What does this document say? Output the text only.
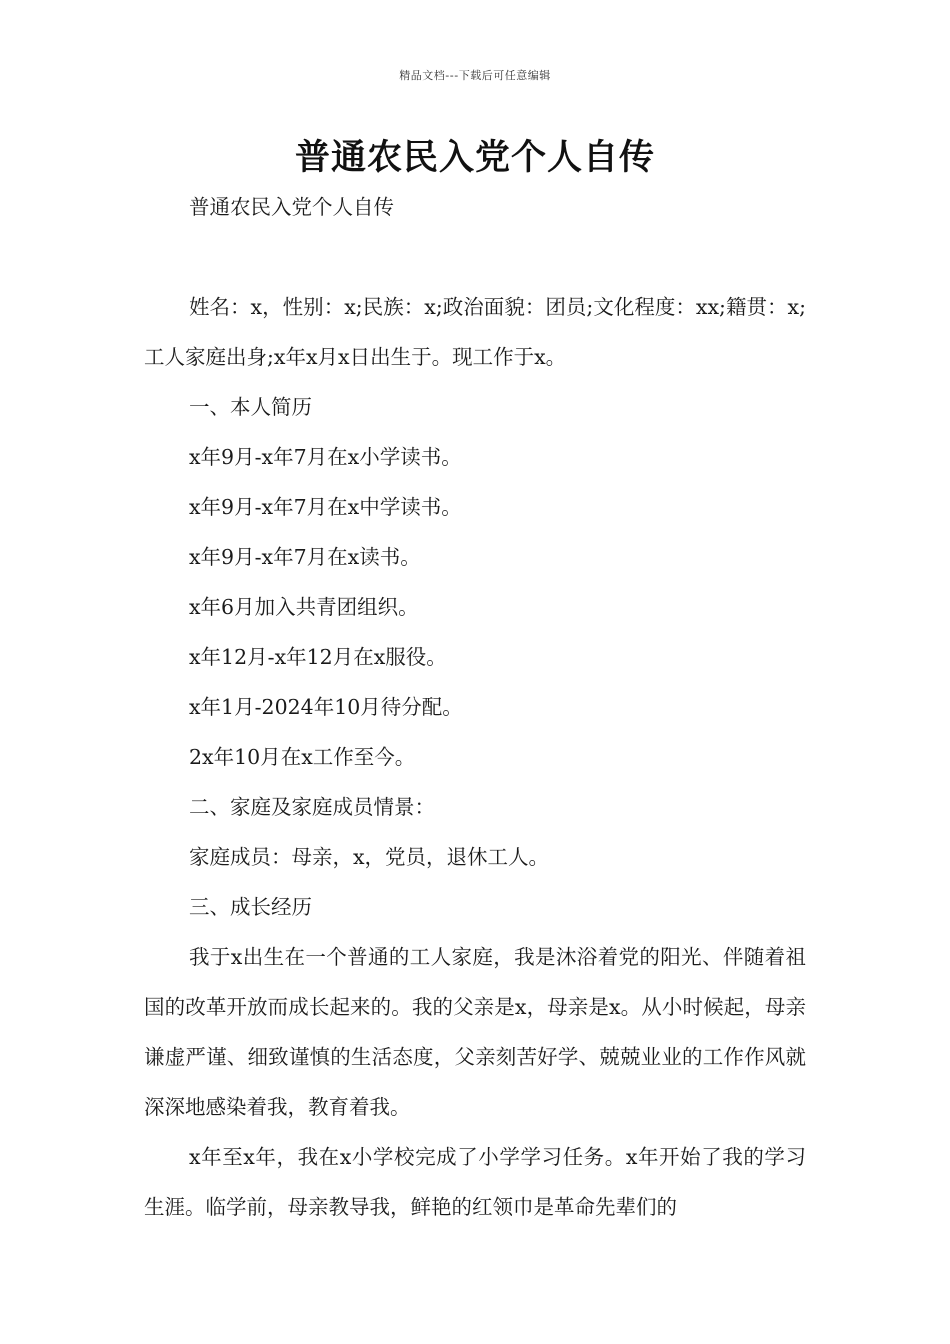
精品文档---下载后可任意编辑
普通农民入党个人自传

普通农民入党个人自传

姓名：x，性别：x;民族：x;政治面貌：团员;文化程度：xx;籍贯：x;工人家庭出身;x年x月x日出生于。现工作于x。

一、本人简历

x年9月-x年7月在x小学读书。

x年9月-x年7月在x中学读书。

x年9月-x年7月在x读书。

x年6月加入共青团组织。

x年12月-x年12月在x服役。

x年1月-2024年10月待分配。

2x年10月在x工作至今。

二、家庭及家庭成员情景：

家庭成员：母亲，x，党员，退休工人。

三、成长经历

我于x出生在一个普通的工人家庭，我是沐浴着党的阳光、伴随着祖国的改革开放而成长起来的。我的父亲是x，母亲是x。从小时候起，母亲谦虚严谨、细致谨慎的生活态度，父亲刻苦好学、兢兢业业的工作作风就深深地感染着我，教育着我。

x年至x年，我在x小学校完成了小学学习任务。x年开始了我的学习生涯。临学前，母亲教导我，鲜艳的红领巾是革命先辈们的
